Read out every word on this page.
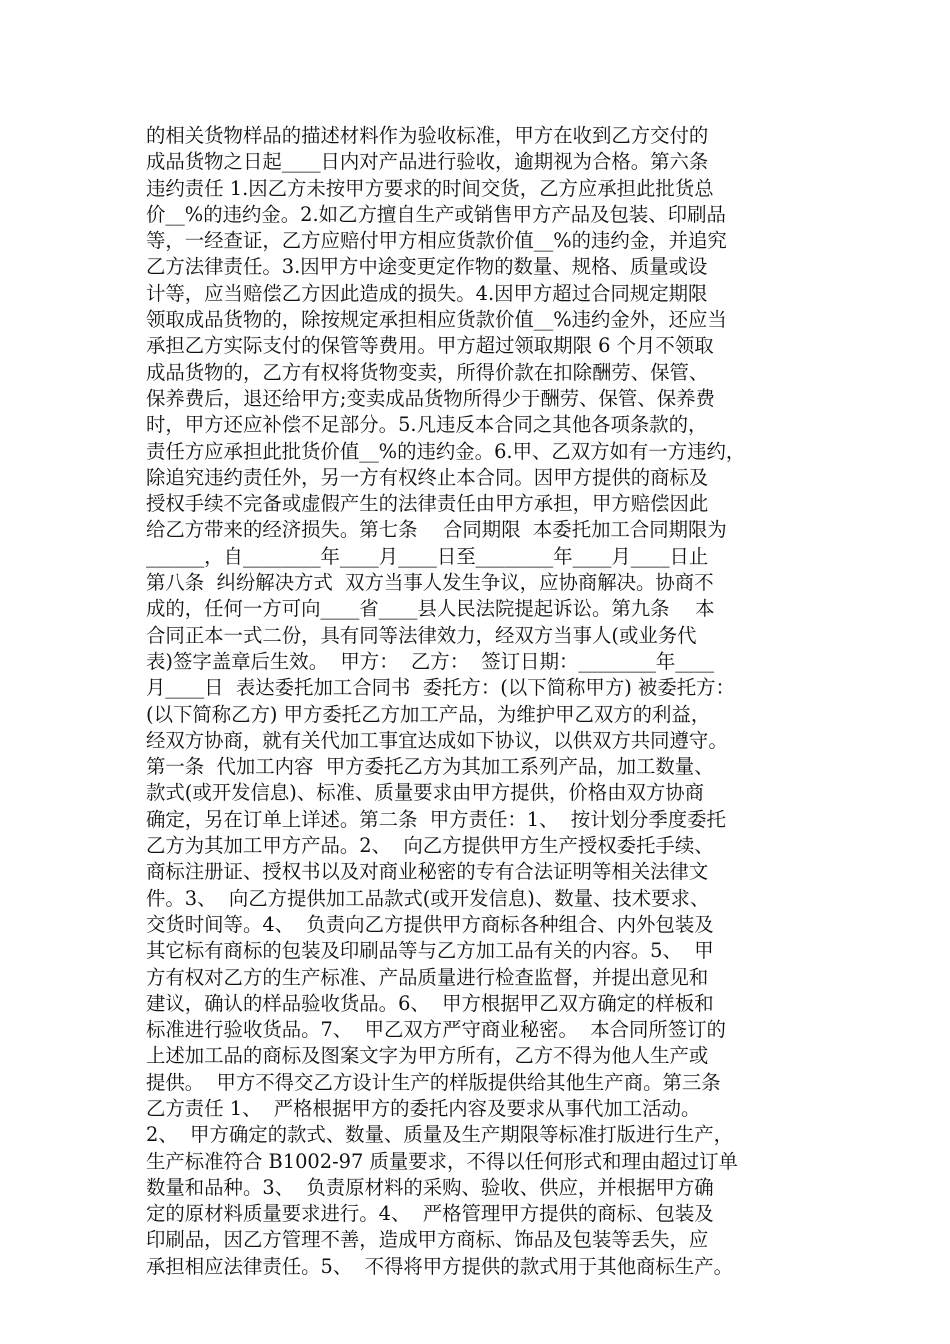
的相关货物样品的描述材料作为验收标准，甲方在收到乙方交付的
成品货物之日起____日内对产品进行验收，逾期视为合格。第六条
违约责任 1.因乙方未按甲方要求的时间交货，乙方应承担此批货总
价__%的违约金。2.如乙方擅自生产或销售甲方产品及包装、印刷品
等，一经查证，乙方应赔付甲方相应货款价值__%的违约金，并追究
乙方法律责任。3.因甲方中途变更定作物的数量、规格、质量或设
计等，应当赔偿乙方因此造成的损失。4.因甲方超过合同规定期限
领取成品货物的，除按规定承担相应货款价值__%违约金外，还应当
承担乙方实际支付的保管等费用。甲方超过领取期限 6 个月不领取
成品货物的，乙方有权将货物变卖，所得价款在扣除酬劳、保管、
保养费后，退还给甲方;变卖成品货物所得少于酬劳、保管、保养费
时，甲方还应补偿不足部分。5.凡违反本合同之其他各项条款的，
责任方应承担此批货价值__%的违约金。6.甲、乙双方如有一方违约，
除追究违约责任外，另一方有权终止本合同。因甲方提供的商标及
授权手续不完备或虚假产生的法律责任由甲方承担，甲方赔偿因此
给乙方带来的经济损失。第七条　 合同期限  本委托加工合同期限为
______，自________年____月____日至________年____月____日止
第八条  纠纷解决方式  双方当事人发生争议，应协商解决。协商不
成的，任何一方可向____省____县人民法院提起诉讼。第九条　 本
合同正本一式二份，具有同等法律效力，经双方当事人(或业务代
表)签字盖章后生效。  甲方：  乙方：  签订日期：________年____
月____日  表达委托加工合同书  委托方：(以下简称甲方) 被委托方：
(以下简称乙方) 甲方委托乙方加工产品，为维护甲乙双方的利益，
经双方协商，就有关代加工事宜达成如下协议，以供双方共同遵守。
第一条  代加工内容  甲方委托乙方为其加工系列产品，加工数量、
款式(或开发信息)、标准、质量要求由甲方提供，价格由双方协商
确定，另在订单上详述。第二条  甲方责任：1、  按计划分季度委托
乙方为其加工甲方产品。2、  向乙方提供甲方生产授权委托手续、
商标注册证、授权书以及对商业秘密的专有合法证明等相关法律文
件。3、  向乙方提供加工品款式(或开发信息)、数量、技术要求、
交货时间等。4、  负责向乙方提供甲方商标各种组合、内外包装及
其它标有商标的包装及印刷品等与乙方加工品有关的内容。5、  甲
方有权对乙方的生产标准、产品质量进行检查监督，并提出意见和
建议，确认的样品验收货品。6、  甲方根据甲乙双方确定的样板和
标准进行验收货品。7、  甲乙双方严守商业秘密。  本合同所签订的
上述加工品的商标及图案文字为甲方所有，乙方不得为他人生产或
提供。  甲方不得交乙方设计生产的样版提供给其他生产商。第三条
乙方责任 1、  严格根据甲方的委托内容及要求从事代加工活动。
2、  甲方确定的款式、数量、质量及生产期限等标准打版进行生产，
生产标准符合 B1002-97 质量要求，不得以任何形式和理由超过订单
数量和品种。3、  负责原材料的采购、验收、供应，并根据甲方确
定的原材料质量要求进行。4、  严格管理甲方提供的商标、包装及
印刷品，因乙方管理不善，造成甲方商标、饰品及包装等丢失，应
承担相应法律责任。5、  不得将甲方提供的款式用于其他商标生产。
